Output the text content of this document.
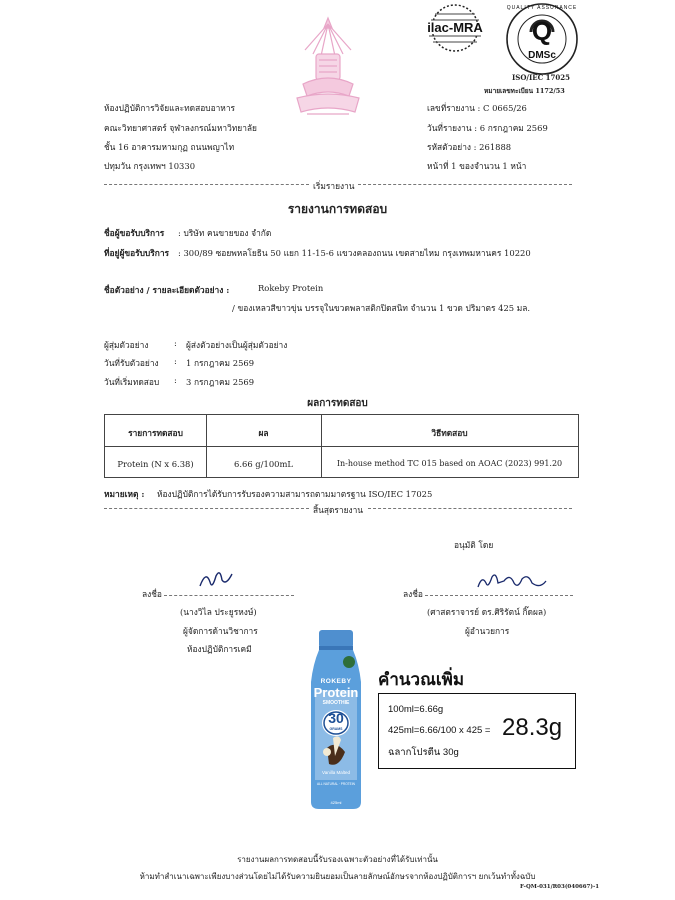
ilac-MRA	Q
DMSc
QUALITY ASSURANCE
ISO/IEC 17025
หมายเลขทะเบียน 1172/53
ห้องปฏิบัติการวิจัยและทดสอบอาหาร
คณะวิทยาศาสตร์ จุฬาลงกรณ์มหาวิทยาลัย
ชั้น 16 อาคารมหามกุฏ ถนนพญาไท
ปทุมวัน กรุงเทพฯ 10330
เลขที่รายงาน : C 0665/26
วันที่รายงาน : 6 กรกฎาคม 2569
รหัสตัวอย่าง : 261888
หน้าที่ 1 ของจำนวน 1 หน้า
เริ่มรายงาน
รายงานการทดสอบ
ชื่อผู้ขอรับบริการ : บริษัท คนขายของ จำกัด
ที่อยู่ผู้ขอรับบริการ : 300/89 ซอยพหลโยธิน 50 แยก 11-15-6 แขวงคลองถนน เขตสายไหม กรุงเทพมหานคร 10220
ชื่อตัวอย่าง / รายละเอียดตัวอย่าง :	Rokeby Protein
/ ของเหลวสีขาวขุ่น บรรจุในขวดพลาสติกปิดสนิท จำนวน 1 ขวด ปริมาตร 425 มล.
ผู้สุ่มตัวอย่าง	: ผู้ส่งตัวอย่างเป็นผู้สุ่มตัวอย่าง
วันที่รับตัวอย่าง : 1 กรกฎาคม 2569
วันที่เริ่มทดสอบ : 3 กรกฎาคม 2569
ผลการทดสอบ
รายการทดสอบ	ผล	วิธีทดสอบ
Protein (N x 6.38)	6.66 g/100mL	In-house method TC 015 based on AOAC (2023) 991.20
หมายเหตุ : ห้องปฏิบัติการได้รับการรับรองความสามารถตามมาตรฐาน ISO/IEC 17025
สิ้นสุดรายงาน
อนุมัติ โดย
ลงชื่อ
(นางวิไล ประยูรหงษ์)
ผู้จัดการด้านวิชาการ
ห้องปฏิบัติการเคมี
ลงชื่อ
(ศาสตราจารย์ ดร.ศิริรัตน์ กิ๊ดผล)
ผู้อำนวยการ
ROKEBY
Protein
SMOOTHIE
30
GRAMS
Vanilla Malted
ALL NATURAL · PROTEIN
425ml
คำนวณเพิ่ม
100ml=6.66g
425ml=6.66/100 x 425 = 28.3g
ฉลากโปรตีน 30g
รายงานผลการทดสอบนี้รับรองเฉพาะตัวอย่างที่ได้รับเท่านั้น
ห้ามทำสำเนาเฉพาะเพียงบางส่วนโดยไม่ได้รับความยินยอมเป็นลายลักษณ์อักษรจากห้องปฏิบัติการฯ ยกเว้นทำทั้งฉบับ
F-QM-031/R03(040667)-1
